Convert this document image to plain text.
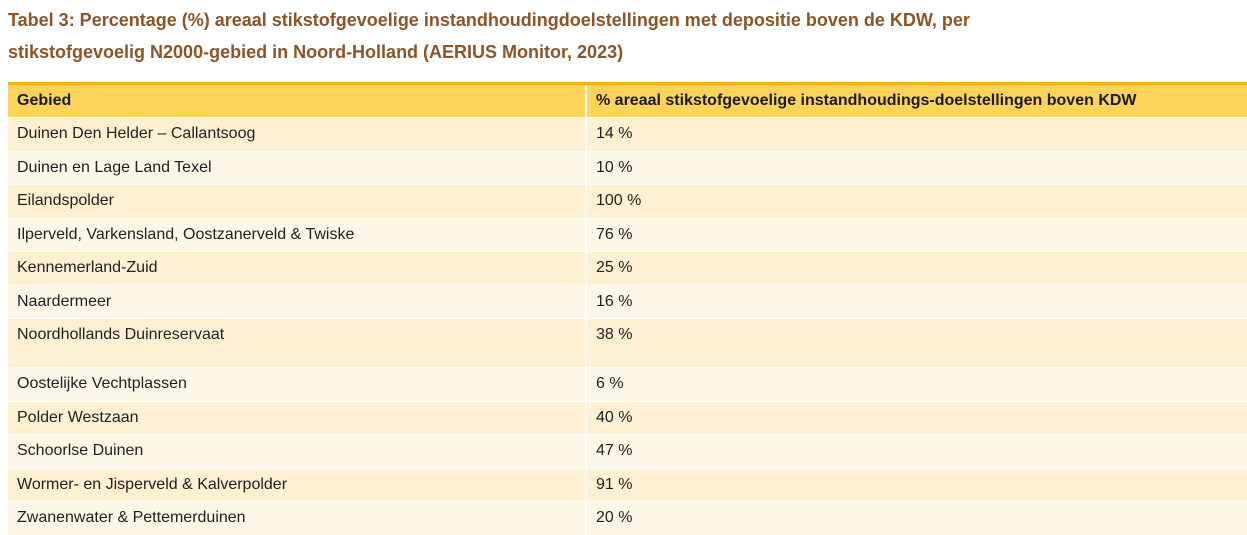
Tabel 3: Percentage (%) areaal stikstofgevoelige instandhoudingdoelstellingen met depositie boven de KDW, per
stikstofgevoelig N2000-gebied in Noord-Holland (AERIUS Monitor, 2023)

Gebied	% areaal stikstofgevoelige instandhoudings-doelstellingen boven KDW
Duinen Den Helder – Callantsoog	14 %
Duinen en Lage Land Texel	10 %
Eilandspolder	100 %
Ilperveld, Varkensland, Oostzanerveld & Twiske	76 %
Kennemerland-Zuid	25 %
Naardermeer	16 %
Noordhollands Duinreservaat	38 %
Oostelijke Vechtplassen	6 %
Polder Westzaan	40 %
Schoorlse Duinen	47 %
Wormer- en Jisperveld & Kalverpolder	91 %
Zwanenwater & Pettemerduinen	20 %
